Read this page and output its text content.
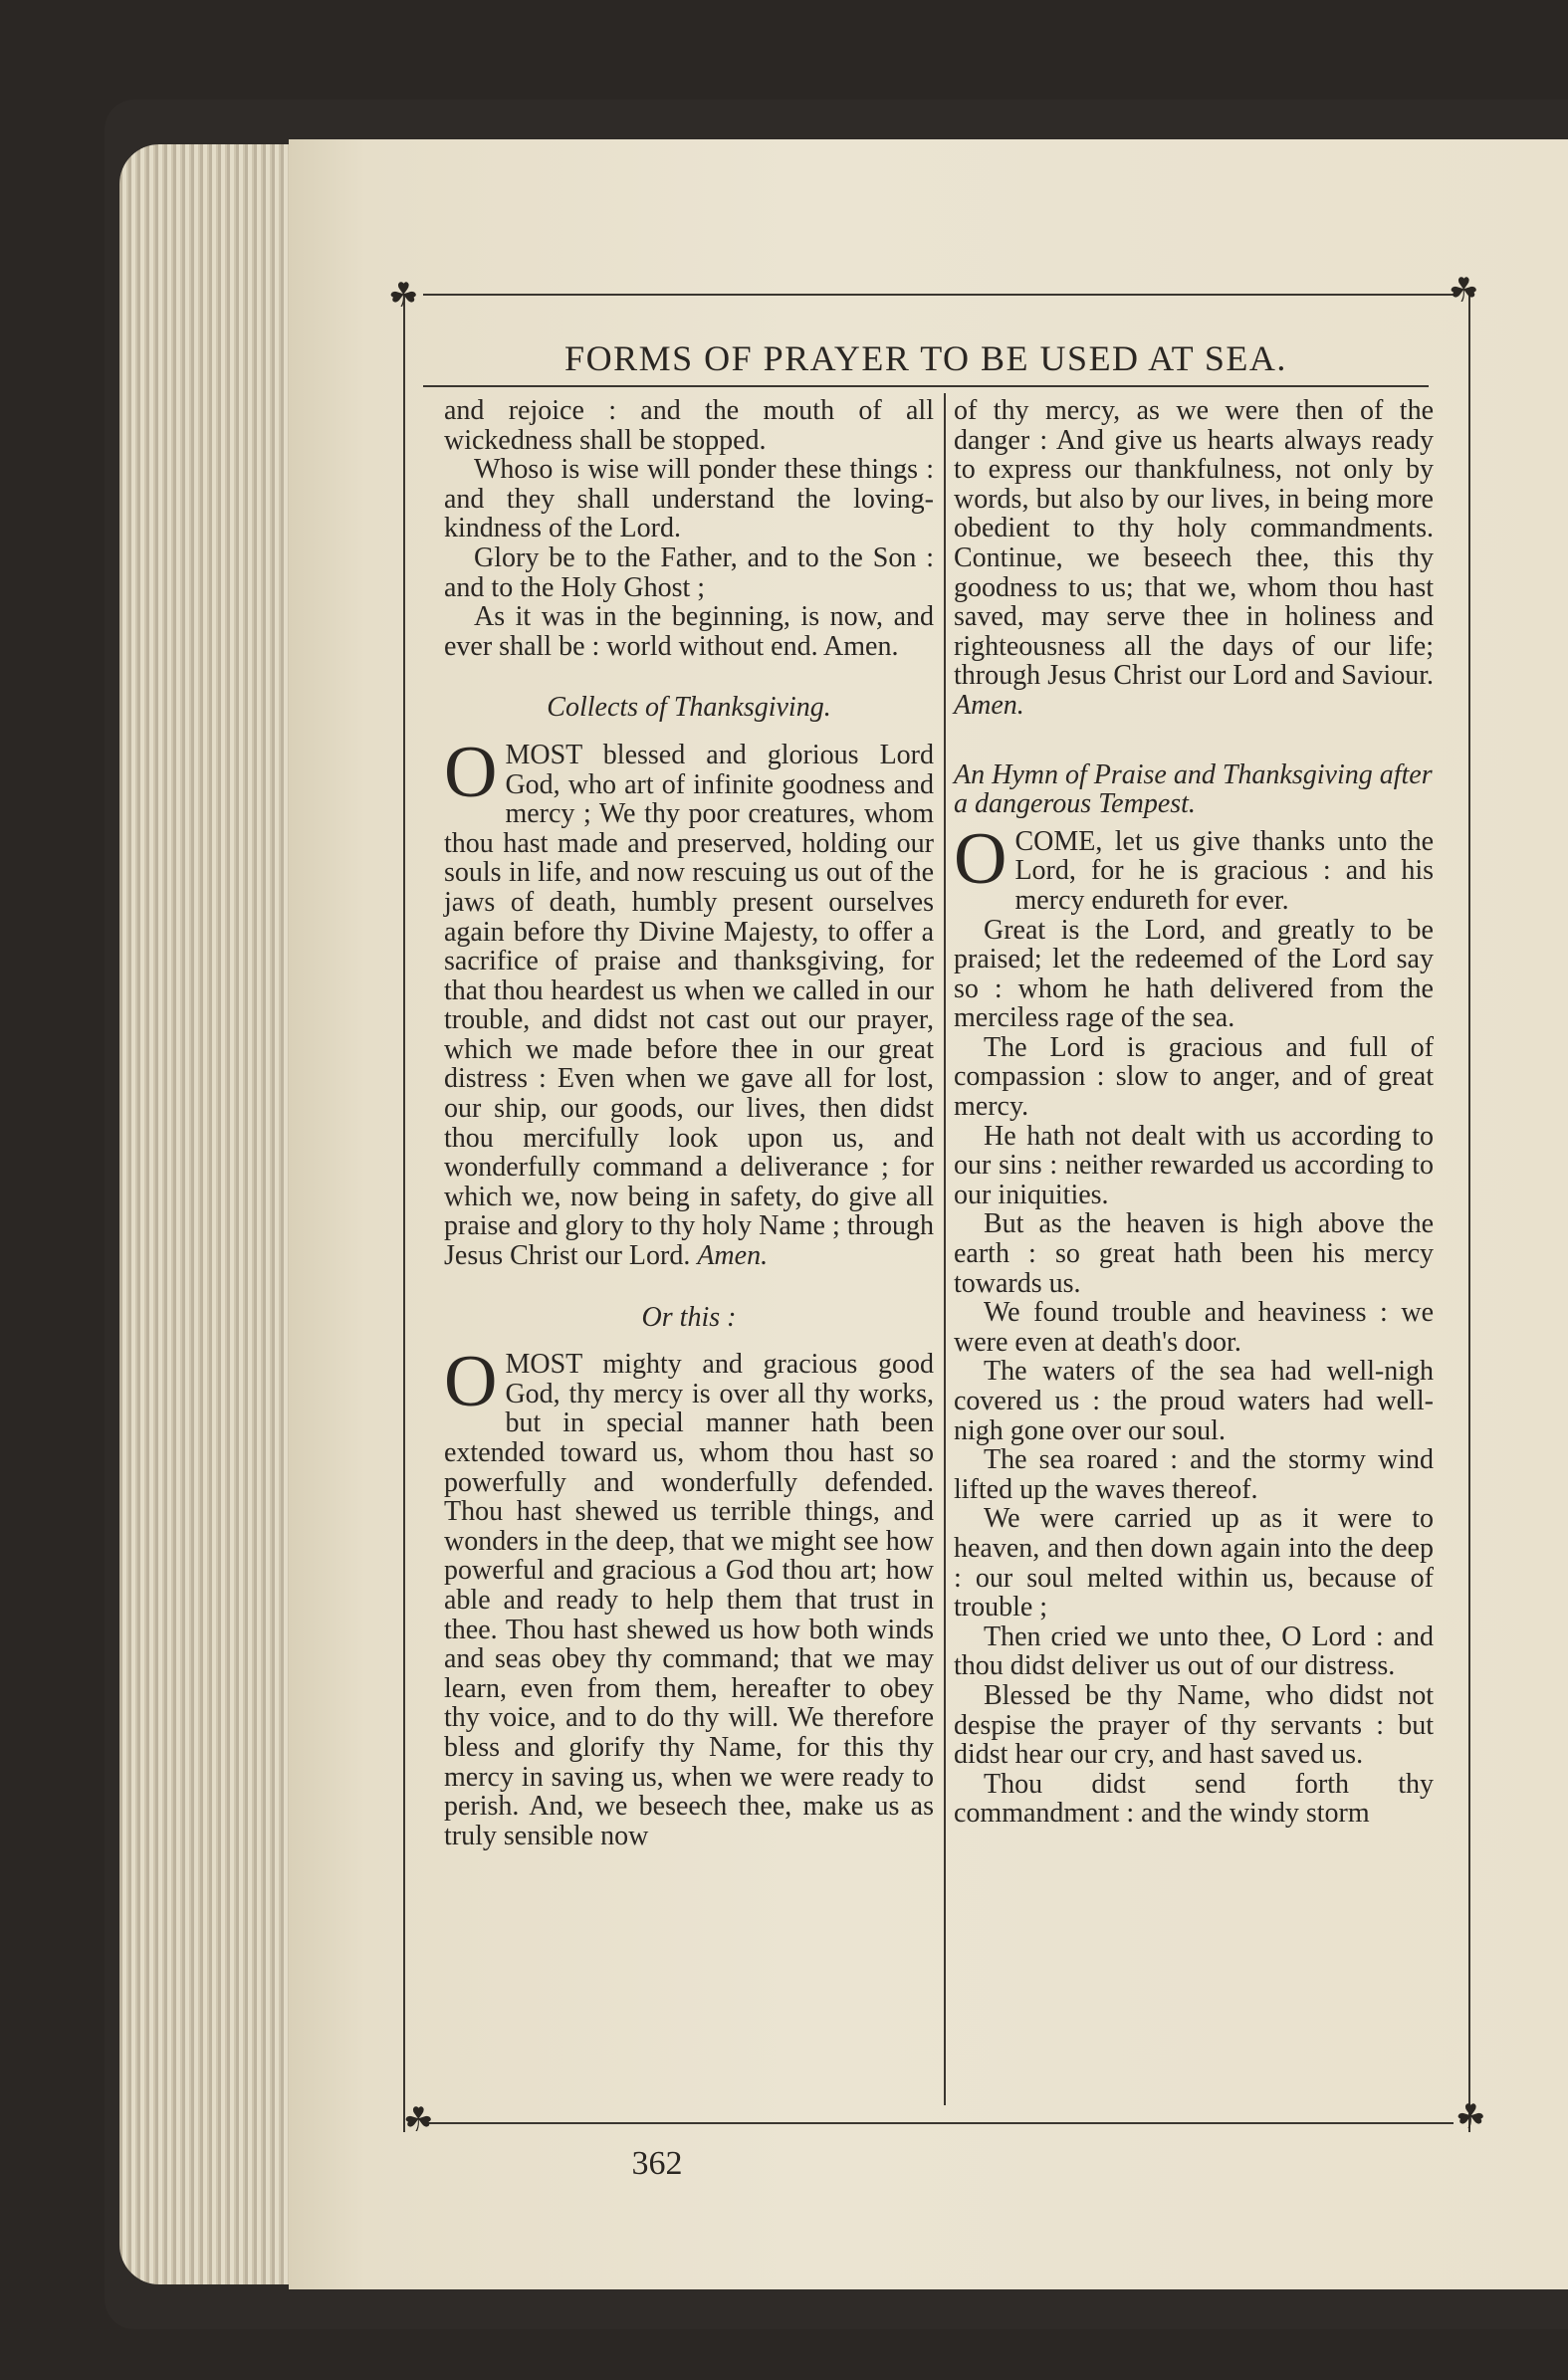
☘	☘
☘	☘
FORMS OF PRAYER TO BE USED AT SEA.

and rejoice : and the mouth of all wickedness shall be stopped.

Whoso is wise will ponder these things : and they shall understand the loving-kindness of the Lord.

Glory be to the Father, and to the Son : and to the Holy Ghost ;

As it was in the beginning, is now, and ever shall be : world without end. Amen.

Collects of Thanksgiving.

OMOST blessed and glorious Lord God, who art of infinite goodness and mercy ; We thy poor creatures, whom thou hast made and preserved, holding our souls in life, and now rescuing us out of the jaws of death, humbly present ourselves again before thy Divine Majesty, to offer a sacrifice of praise and thanksgiving, for that thou heardest us when we called in our trouble, and didst not cast out our prayer, which we made before thee in our great distress : Even when we gave all for lost, our ship, our goods, our lives, then didst thou mercifully look upon us, and wonderfully command a deliverance ; for which we, now being in safety, do give all praise and glory to thy holy Name ; through Jesus Christ our Lord. Amen.

Or this :

OMOST mighty and gracious good God, thy mercy is over all thy works, but in special manner hath been extended toward us, whom thou hast so powerfully and wonderfully defended. Thou hast shewed us terrible things, and wonders in the deep, that we might see how powerful and gracious a God thou art; how able and ready to help them that trust in thee. Thou hast shewed us how both winds and seas obey thy command; that we may learn, even from them, hereafter to obey thy voice, and to do thy will. We therefore bless and glorify thy Name, for this thy mercy in saving us, when we were ready to perish. And, we beseech thee, make us as truly sensible now

of thy mercy, as we were then of the danger : And give us hearts always ready to express our thankfulness, not only by words, but also by our lives, in being more obedient to thy holy commandments. Continue, we beseech thee, this thy goodness to us; that we, whom thou hast saved, may serve thee in holiness and righteousness all the days of our life; through Jesus Christ our Lord and Saviour. Amen.

An Hymn of Praise and Thanksgiving after a dangerous Tempest.

OCOME, let us give thanks unto the Lord, for he is gracious : and his mercy endureth for ever.

Great is the Lord, and greatly to be praised; let the redeemed of the Lord say so : whom he hath delivered from the merciless rage of the sea.

The Lord is gracious and full of compassion : slow to anger, and of great mercy.

He hath not dealt with us according to our sins : neither rewarded us according to our iniquities.

But as the heaven is high above the earth : so great hath been his mercy towards us.

We found trouble and heaviness : we were even at death's door.

The waters of the sea had well-nigh covered us : the proud waters had well-nigh gone over our soul.

The sea roared : and the stormy wind lifted up the waves thereof.

We were carried up as it were to heaven, and then down again into the deep : our soul melted within us, because of trouble ;

Then cried we unto thee, O Lord : and thou didst deliver us out of our distress.

Blessed be thy Name, who didst not despise the prayer of thy servants : but didst hear our cry, and hast saved us.

Thou didst send forth thy commandment : and the windy storm

362
